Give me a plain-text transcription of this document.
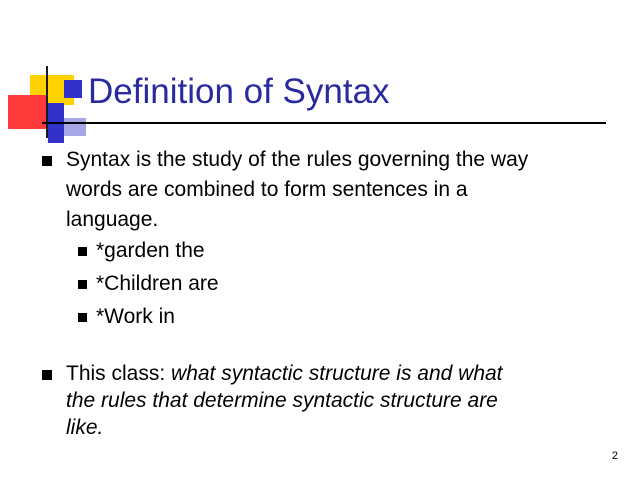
Definition of Syntax
Syntax is the study of the rules governing the way
words are combined to form sentences in a
language.
*garden the
*Children are
*Work in
This class: what syntactic structure is and what
the rules that determine syntactic structure are
like.
2
